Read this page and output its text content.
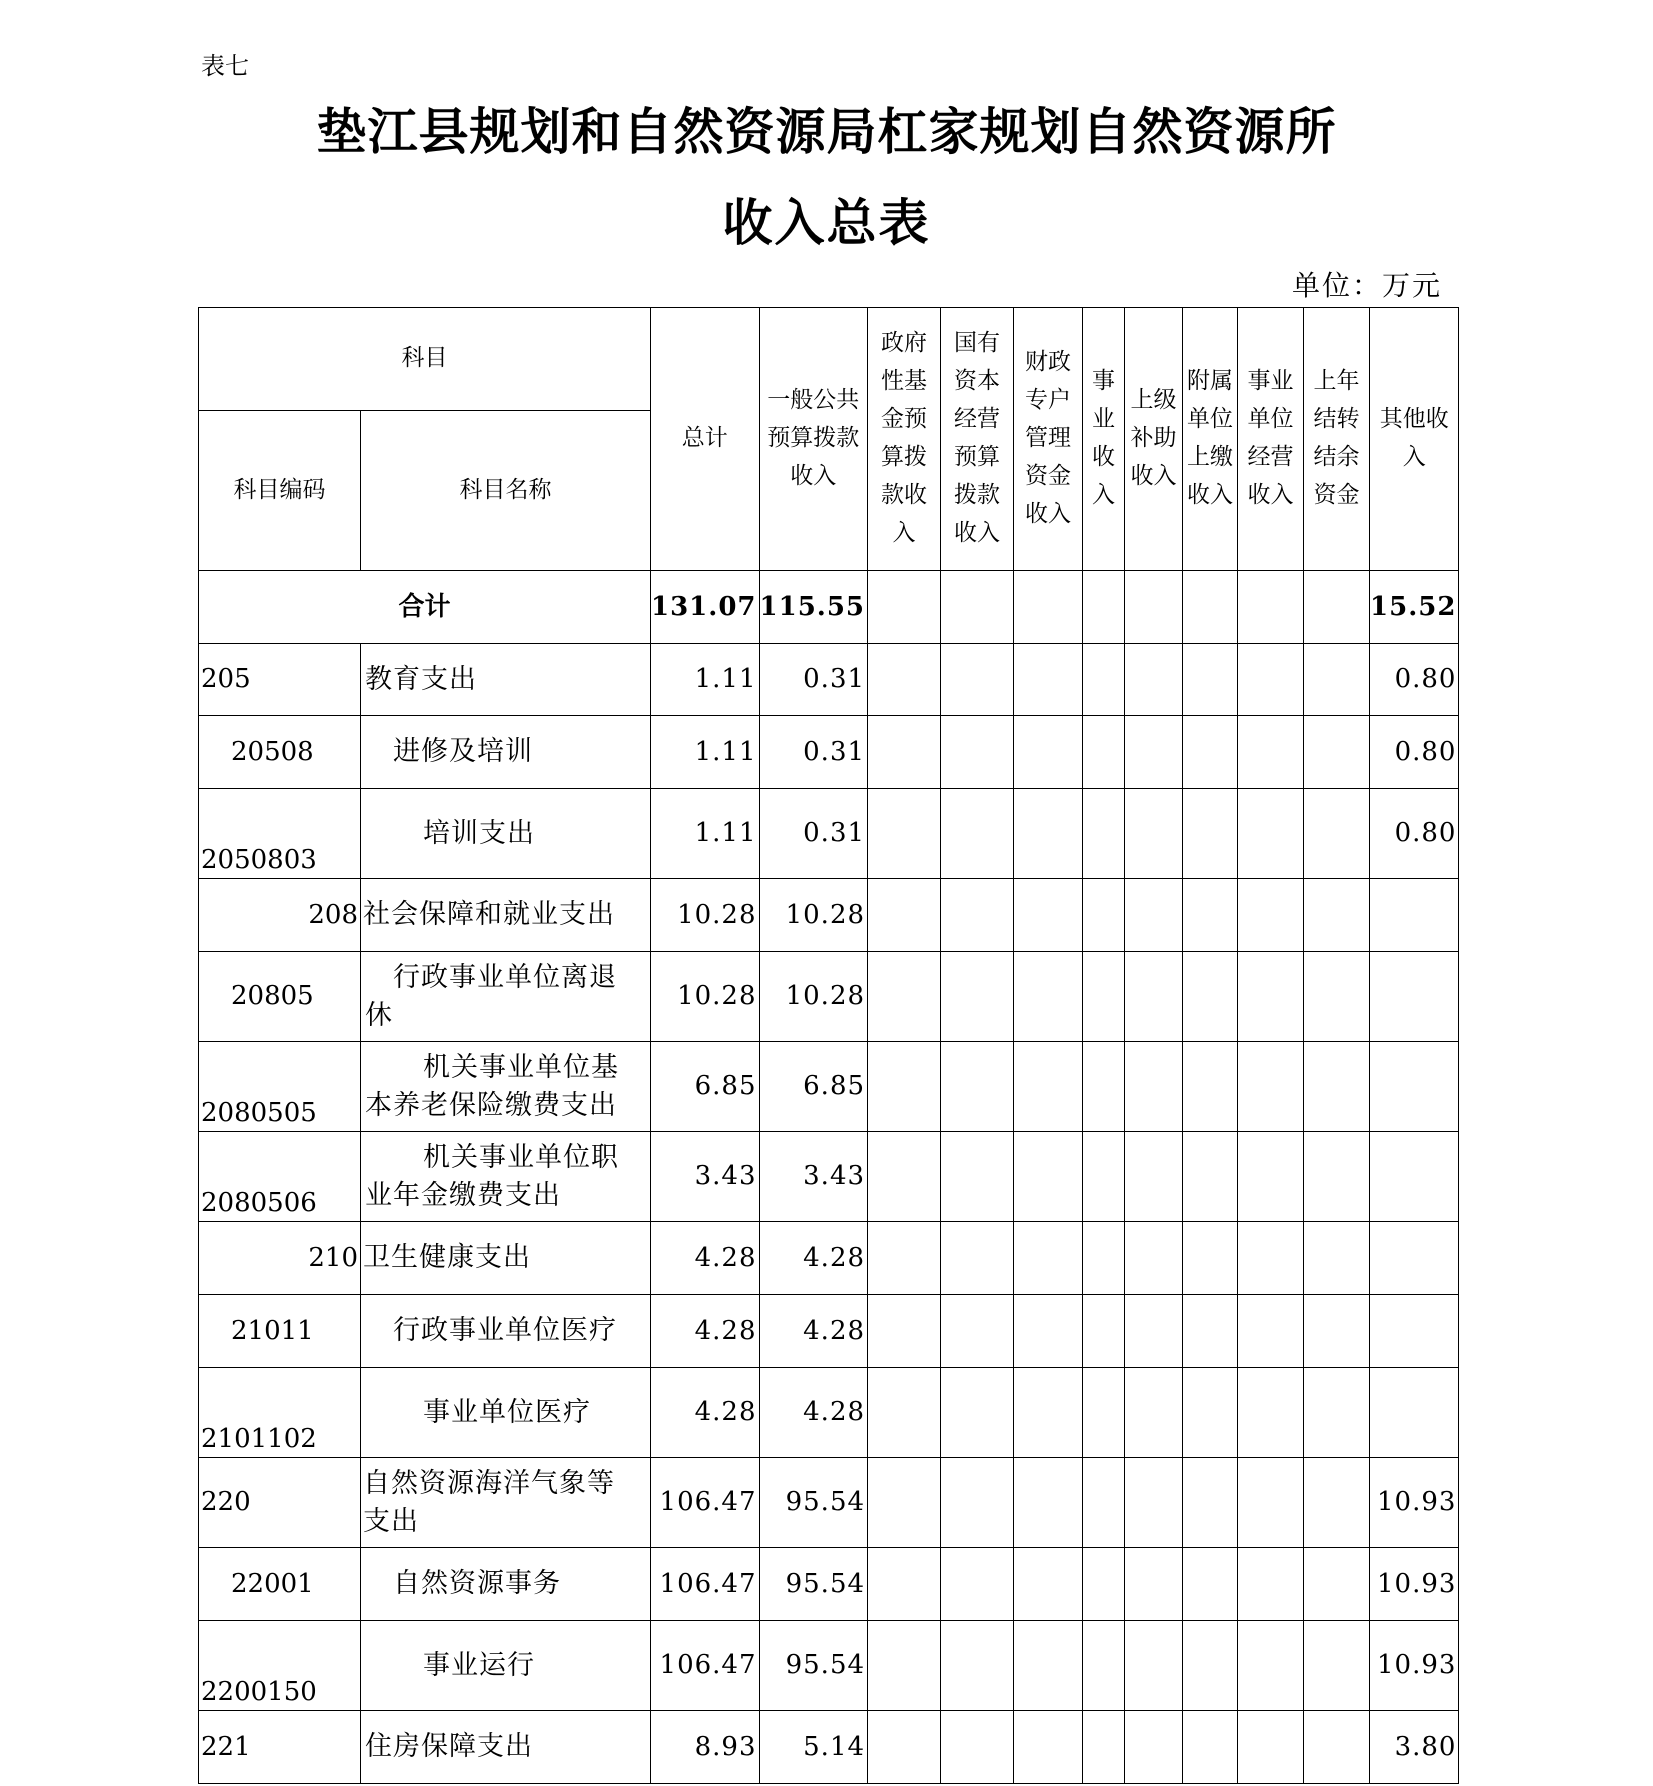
表七
垫江县规划和自然资源局杠家规划自然资源所
收入总表
单位：万元
科目		总计	一般公共预算拨款收入	政府性基金预算拨款收入	国有资本经营预算拨款收入	财政专户管理资金收入	事业收入	上级补助收入	附属单位上缴收入	事业单位经营收入	上年结转结余资金	其他收入
科目编码	科目名称											
合计		131.07	115.55									15.52
205	教育支出	1.11	0.31									0.80
20508	进修及培训	1.11	0.31									0.80
2050803	培训支出	1.11	0.31									0.80
208	社会保障和就业支出	10.28	10.28									
20805	行政事业单位离退
休	10.28	10.28									
2080505	机关事业单位基
本养老保险缴费支出	6.85	6.85									
2080506	机关事业单位职
业年金缴费支出	3.43	3.43									
210	卫生健康支出	4.28	4.28									
21011	行政事业单位医疗	4.28	4.28									
2101102	事业单位医疗	4.28	4.28									
220	自然资源海洋气象等
支出	106.47	95.54									10.93
22001	自然资源事务	106.47	95.54									10.93
2200150	事业运行	106.47	95.54									10.93
221	住房保障支出	8.93	5.14									3.80
